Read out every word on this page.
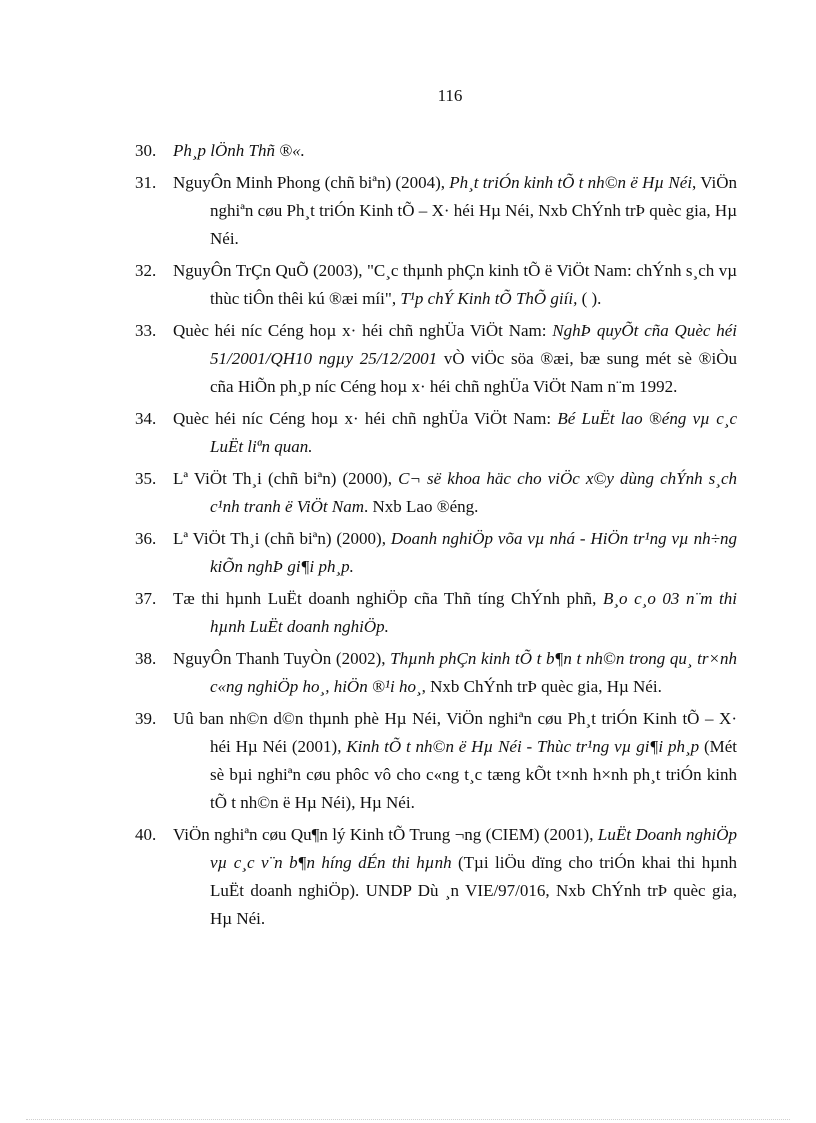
116
30. Ph¸p lÖnh Thñ ®«.
31. NguyÔn Minh Phong (chñ biªn) (2004), Ph¸t triÓn kinh tÕ t nh©n ë Hµ Néi, ViÖn nghiªn cøu Ph¸t triÓn Kinh tÕ – X· héi Hµ Néi, Nxb ChÝnh trÞ quèc gia, Hµ Néi.
32. NguyÔn TrÇn QuÕ (2003), "C¸c thµnh phÇn kinh tÕ ë ViÖt Nam: chÝnh s¸ch vµ thùc tiÔn thêi kú ®æi míi", T¹p chÝ Kinh tÕ ThÕ giíi, ( ).
33. Quèc héi níc Céng hoµ x· héi chñ nghÜa ViÖt Nam: NghÞ quyÕt cña Quèc héi 51/2001/QH10 ngµy 25/12/2001 vÒ viÖc söa ®æi, bæ sung mét sè ®iÒu cña HiÕn ph¸p níc Céng hoµ x· héi chñ nghÜa ViÖt Nam n¨m 1992.
34. Quèc héi níc Céng hoµ x· héi chñ nghÜa ViÖt Nam: Bé LuËt lao ®éng vµ c¸c LuËt liªn quan.
35. Lª ViÖt Th¸i (chñ biªn) (2000), C¬ së khoa häc cho viÖc x©y dùng chÝnh s¸ch c¹nh tranh ë ViÖt Nam. Nxb Lao ®éng.
36. Lª ViÖt Th¸i (chñ biªn) (2000), Doanh nghiÖp võa vµ nhá - HiÖn tr¹ng vµ nh÷ng kiÕn nghÞ gi¶i ph¸p.
37. Tæ thi hµnh LuËt doanh nghiÖp cña Thñ tíng ChÝnh phñ, B¸o c¸o 03 n¨m thi hµnh LuËt doanh nghiÖp.
38. NguyÔn Thanh TuyÒn (2002), Thµnh phÇn kinh tÕ t b¶n t nh©n trong qu¸ tr×nh c«ng nghiÖp ho¸, hiÖn ®¹i ho¸, Nxb ChÝnh trÞ quèc gia, Hµ Néi.
39. Uû ban nh©n d©n thµnh phè Hµ Néi, ViÖn nghiªn cøu Ph¸t triÓn Kinh tÕ – X· héi Hµ Néi (2001), Kinh tÕ t nh©n ë Hµ Néi - Thùc tr¹ng vµ gi¶i ph¸p (Mét sè bµi nghiªn cøu phôc vô cho c«ng t¸c tæng kÕt t×nh h×nh ph¸t triÓn kinh tÕ t nh©n ë Hµ Néi), Hµ Néi.
40. ViÖn nghiªn cøu Qu¶n lý Kinh tÕ Trung ¬ng (CIEM) (2001), LuËt Doanh nghiÖp vµ c¸c v¨n b¶n híng dÉn thi hµnh (Tµi liÖu dïng cho triÓn khai thi hµnh LuËt doanh nghiÖp). UNDP Dù ¸n VIE/97/016, Nxb ChÝnh trÞ quèc gia, Hµ Néi.
